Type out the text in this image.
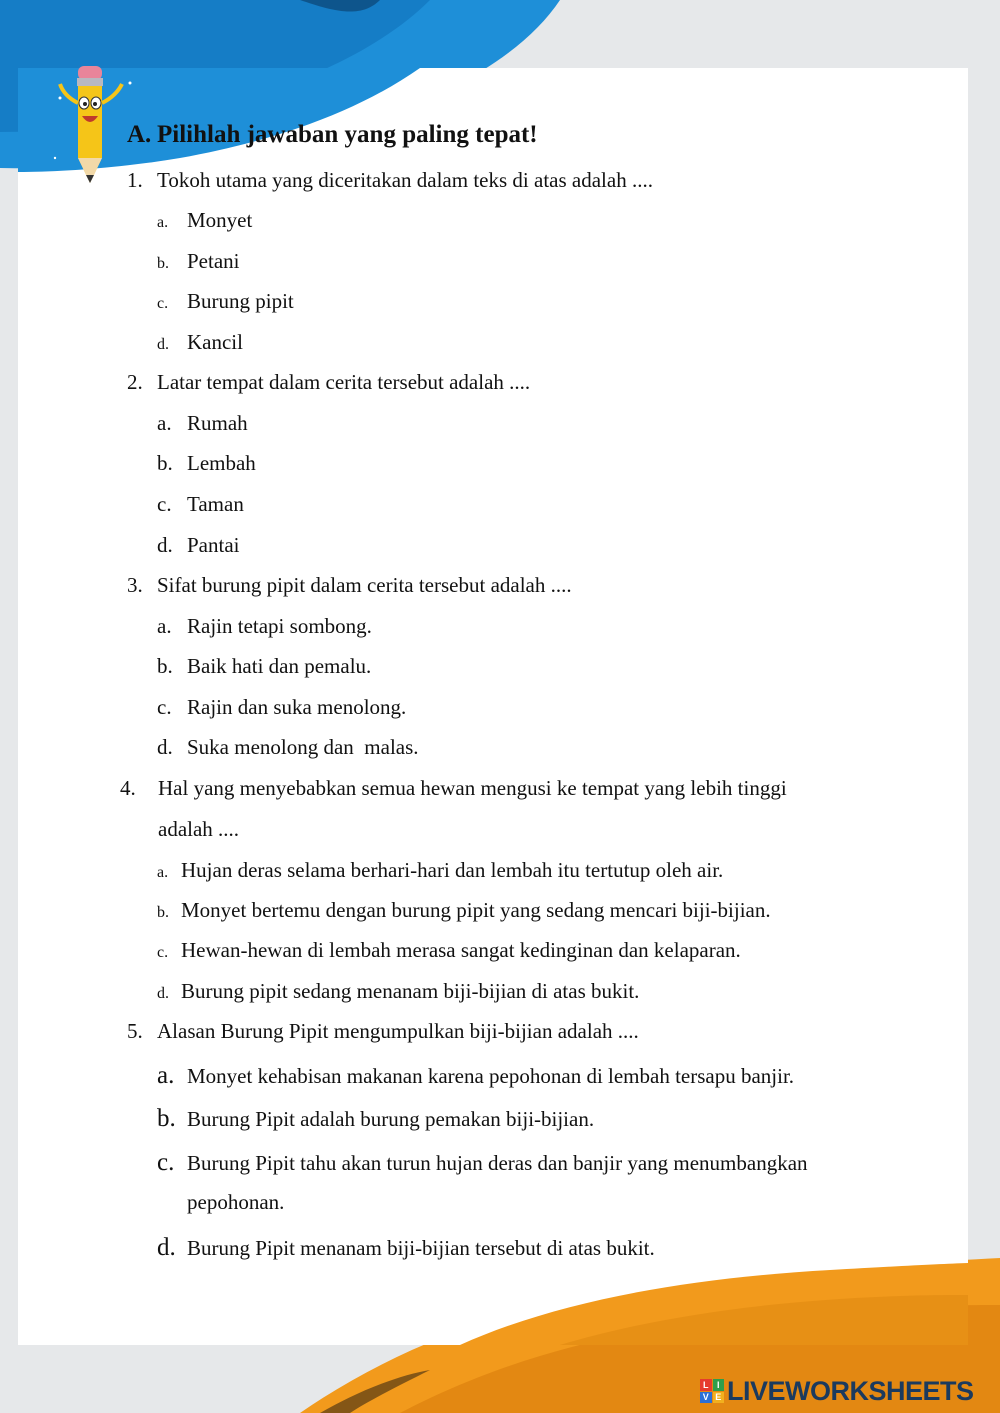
A. Pilihlah jawaban yang paling tepat!
1. Tokoh utama yang diceritakan dalam teks di atas adalah ....
a. Monyet
b. Petani
c. Burung pipit
d. Kancil
2. Latar tempat dalam cerita tersebut adalah ....
a. Rumah
b. Lembah
c. Taman
d. Pantai
3. Sifat burung pipit dalam cerita tersebut adalah ....
a. Rajin tetapi sombong.
b. Baik hati dan pemalu.
c. Rajin dan suka menolong.
d. Suka menolong dan  malas.
4. Hal yang menyebabkan semua hewan mengusi ke tempat yang lebih tinggi
adalah ....
a. Hujan deras selama berhari-hari dan lembah itu tertutup oleh air.
b. Monyet bertemu dengan burung pipit yang sedang mencari biji-bijian.
c. Hewan-hewan di lembah merasa sangat kedinginan dan kelaparan.
d. Burung pipit sedang menanam biji-bijian di atas bukit.
5. Alasan Burung Pipit mengumpulkan biji-bijian adalah ....
a. Monyet kehabisan makanan karena pepohonan di lembah tersapu banjir.
b. Burung Pipit adalah burung pemakan biji-bijian.
c. Burung Pipit tahu akan turun hujan deras dan banjir yang menumbangkan
pepohonan.
d. Burung Pipit menanam biji-bijian tersebut di atas bukit.
L I
V E LIVEWORKSHEETS
